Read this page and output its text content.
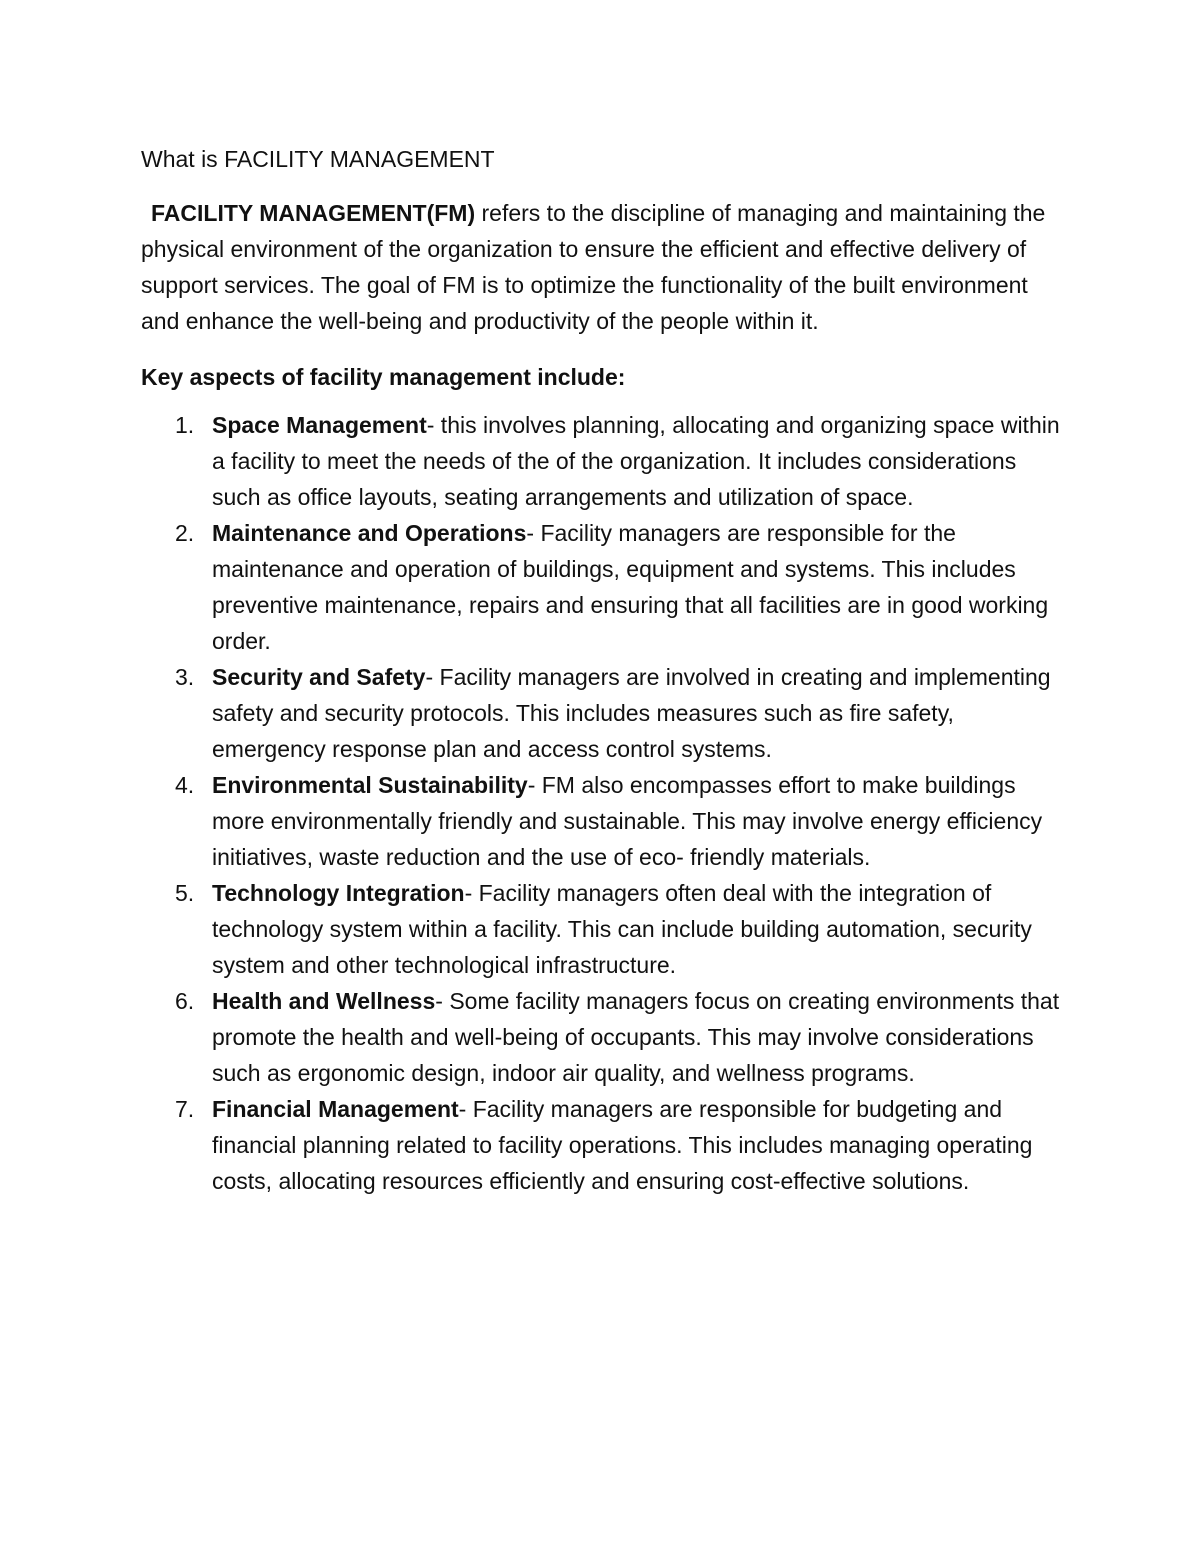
What is FACILITY MANAGEMENT

FACILITY MANAGEMENT(FM) refers to the discipline of managing and maintaining the physical environment of the organization to ensure the efficient and effective delivery of support services. The goal of FM is to optimize the functionality of the built environment and enhance the well-being and productivity of the people within it.

Key aspects of facility management include:

1. Space Management- this involves planning, allocating and organizing space within a facility to meet the needs of the of the organization. It includes considerations such as office layouts, seating arrangements and utilization of space.
2. Maintenance and Operations- Facility managers are responsible for the maintenance and operation of buildings, equipment and systems. This includes preventive maintenance, repairs and ensuring that all facilities are in good working order.
3. Security and Safety- Facility managers are involved in creating and implementing safety and security protocols. This includes measures such as fire safety, emergency response plan and access control systems.
4. Environmental Sustainability- FM also encompasses effort to make buildings more environmentally friendly and sustainable. This may involve energy efficiency initiatives, waste reduction and the use of eco- friendly materials.
5. Technology Integration- Facility managers often deal with the integration of technology system within a facility. This can include building automation, security system and other technological infrastructure.
6. Health and Wellness- Some facility managers focus on creating environments that promote the health and well-being of occupants. This may involve considerations such as ergonomic design, indoor air quality, and wellness programs.
7. Financial Management- Facility managers are responsible for budgeting and financial planning related to facility operations. This includes managing operating costs, allocating resources efficiently and ensuring cost-effective solutions.
